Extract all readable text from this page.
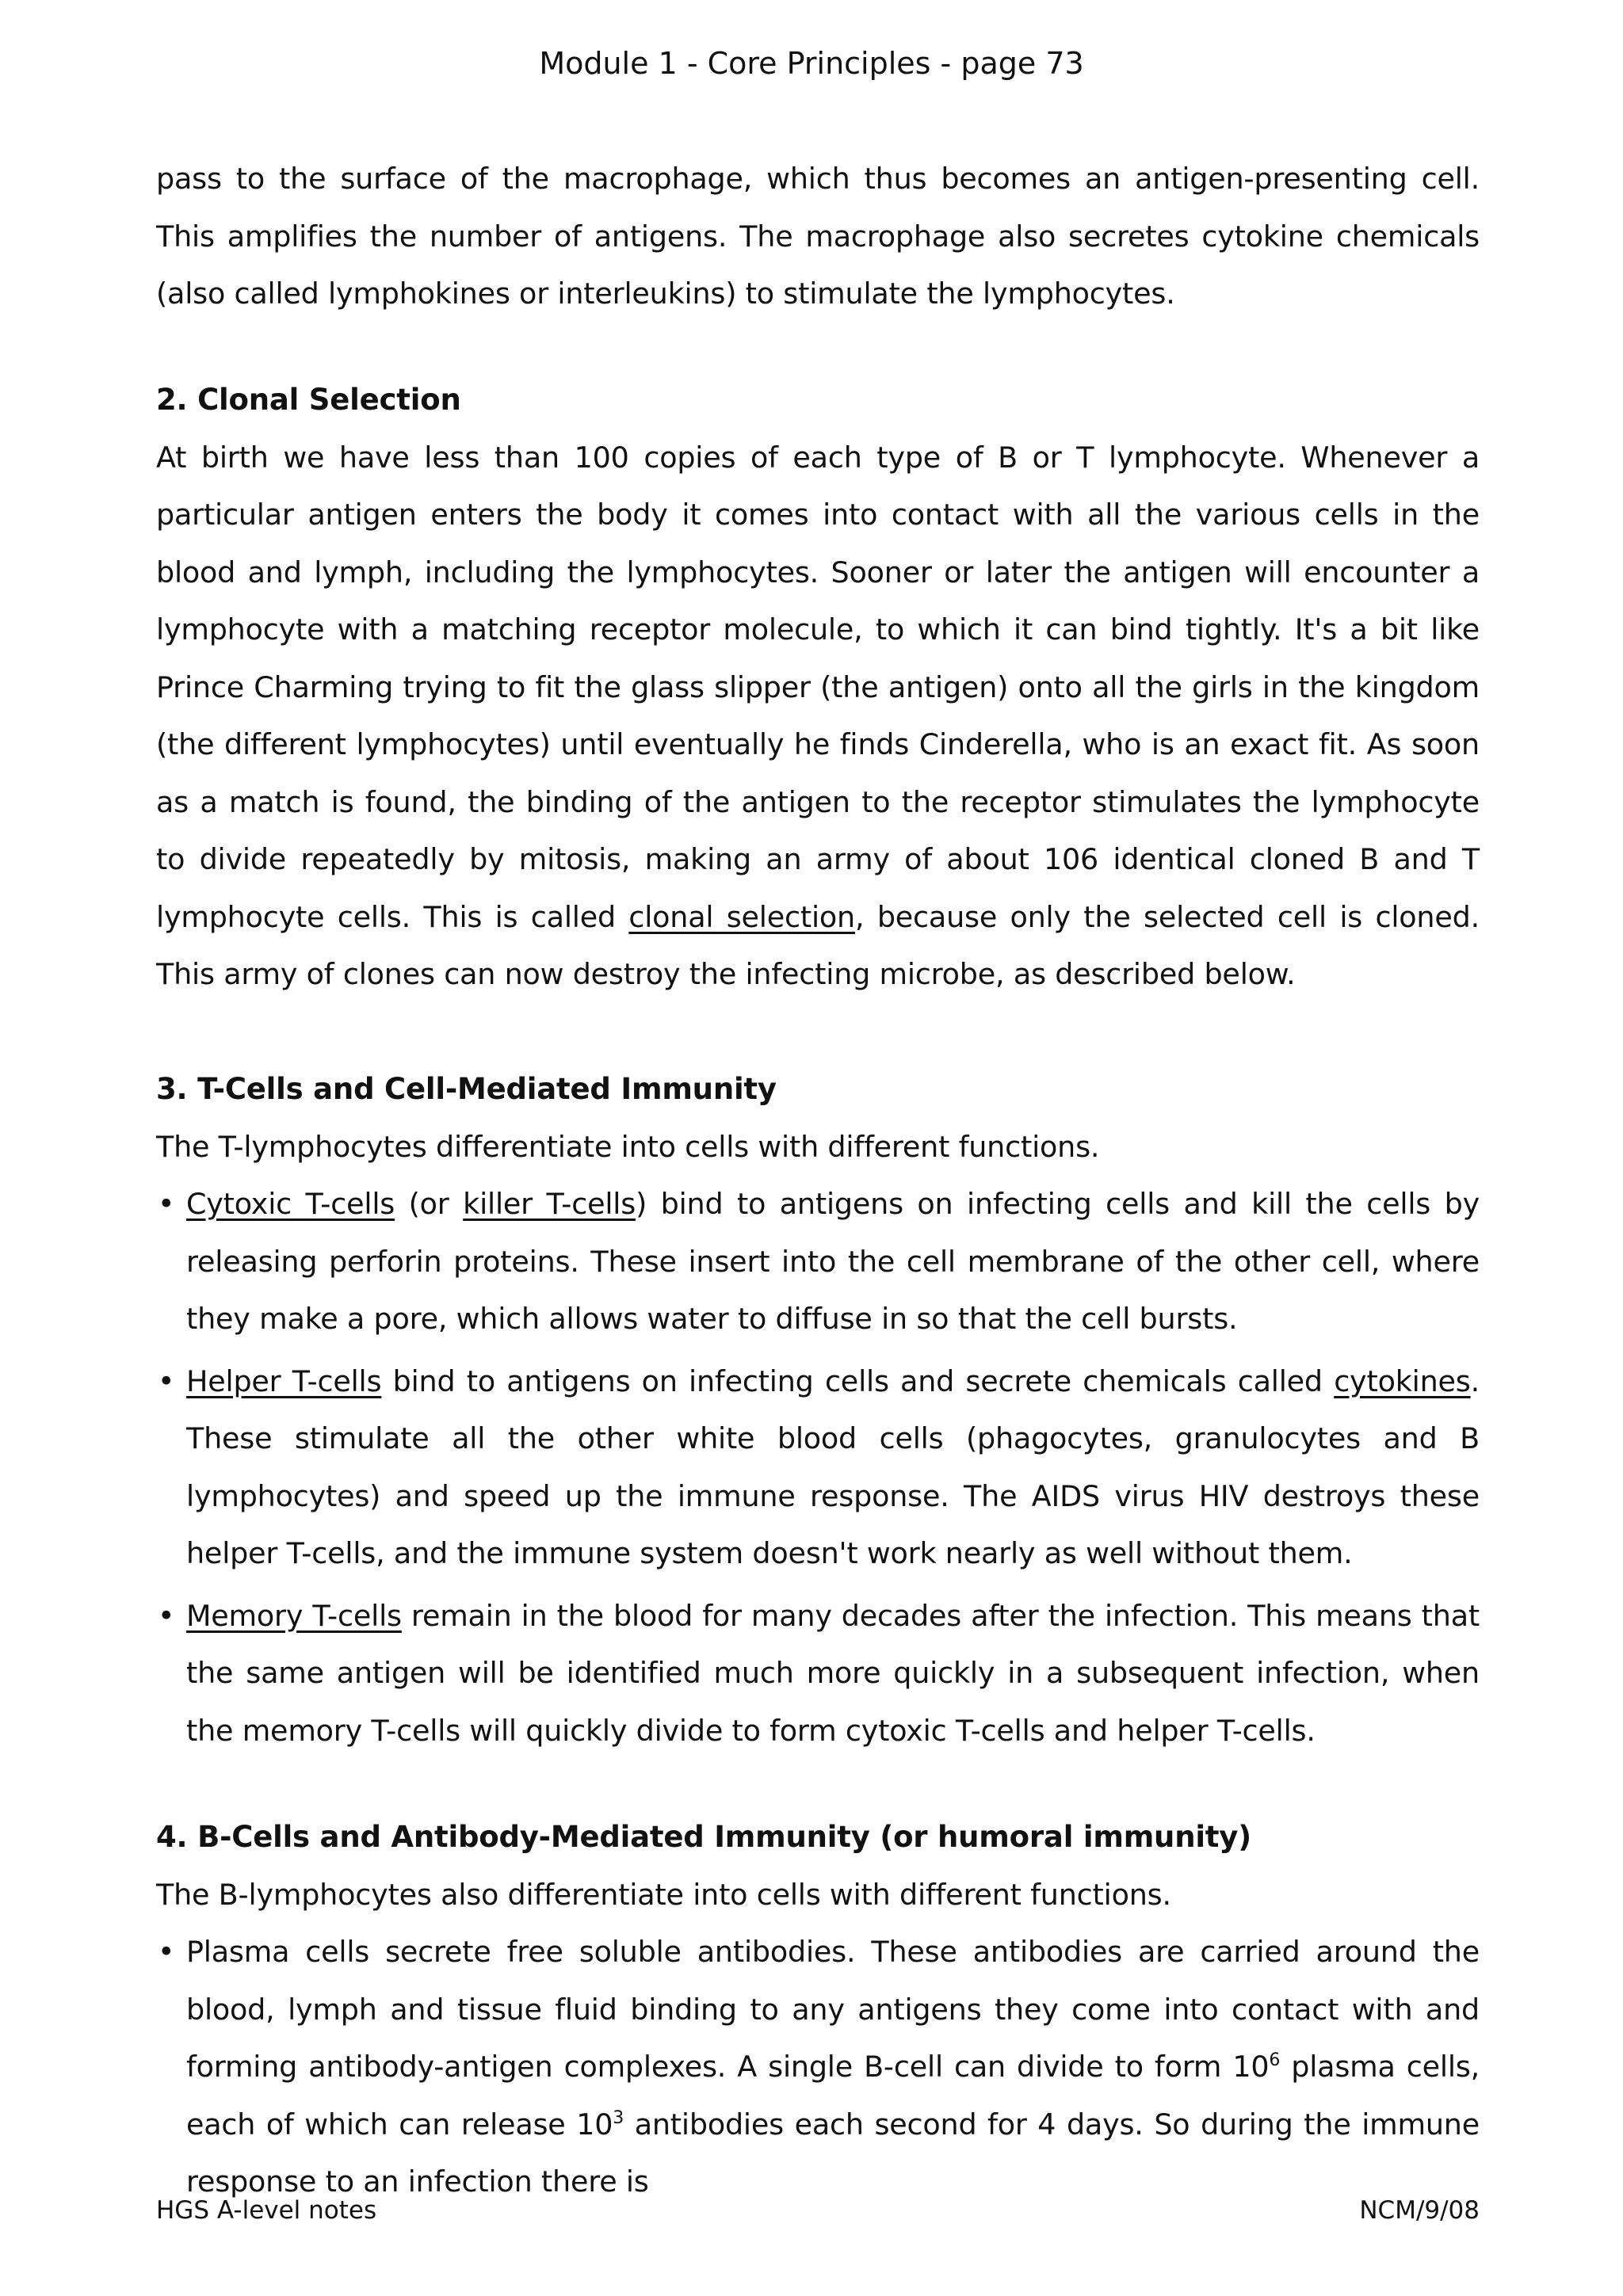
Module 1 - Core Principles - page 73

pass to the surface of the macrophage, which thus becomes an antigen-presenting cell. This amplifies the number of antigens. The macrophage also secretes cytokine chemicals (also called lymphokines or interleukins) to stimulate the lymphocytes.

2. Clonal Selection

At birth we have less than 100 copies of each type of B or T lymphocyte. Whenever a particular antigen enters the body it comes into contact with all the various cells in the blood and lymph, including the lymphocytes. Sooner or later the antigen will encounter a lymphocyte with a matching receptor molecule, to which it can bind tightly. It's a bit like Prince Charming trying to fit the glass slipper (the antigen) onto all the girls in the kingdom (the different lymphocytes) until eventually he finds Cinderella, who is an exact fit. As soon as a match is found, the binding of the antigen to the receptor stimulates the lymphocyte to divide repeatedly by mitosis, making an army of about 106 identical cloned B and T lymphocyte cells. This is called clonal selection, because only the selected cell is cloned. This army of clones can now destroy the infecting microbe, as described below.

3. T-Cells and Cell-Mediated Immunity

The T-lymphocytes differentiate into cells with different functions.

• Cytoxic T-cells (or killer T-cells) bind to antigens on infecting cells and kill the cells by releasing perforin proteins. These insert into the cell membrane of the other cell, where they make a pore, which allows water to diffuse in so that the cell bursts.
• Helper T-cells bind to antigens on infecting cells and secrete chemicals called cytokines. These stimulate all the other white blood cells (phagocytes, granulocytes and B lymphocytes) and speed up the immune response. The AIDS virus HIV destroys these helper T-cells, and the immune system doesn't work nearly as well without them.
• Memory T-cells remain in the blood for many decades after the infection. This means that the same antigen will be identified much more quickly in a subsequent infection, when the memory T-cells will quickly divide to form cytoxic T-cells and helper T-cells.
4. B-Cells and Antibody-Mediated Immunity (or humoral immunity)

The B-lymphocytes also differentiate into cells with different functions.

• Plasma cells secrete free soluble antibodies. These antibodies are carried around the blood, lymph and tissue fluid binding to any antigens they come into contact with and forming antibody-antigen complexes. A single B-cell can divide to form $10^6$ plasma cells, each of which can release $10^3$ antibodies each second for 4 days. So during the immune response to an infection there is
HGS A-level notes	NCM/9/08
